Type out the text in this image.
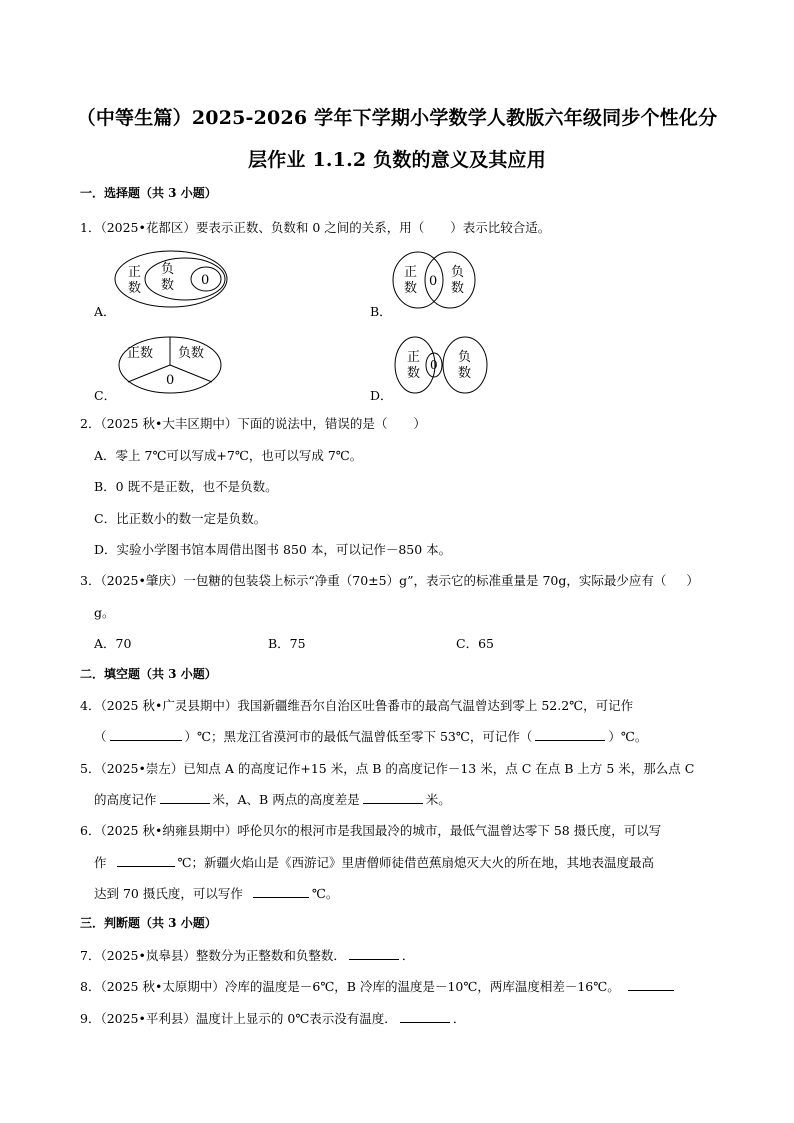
（中等生篇）2025-2026 学年下学期小学数学人教版六年级同步个性化分
层作业 1.1.2 负数的意义及其应用
一．选择题（共 3 小题）
1．（2025•花都区）要表示正数、负数和 0 之间的关系，用（ ）表示比较合适。
正
数
负
数 0
A．
正
数 0
负
数
B．
正数 负数
0
C．
正
数
0 负
数
D．
2．（2025 秋•大丰区期中）下面的说法中，错误的是（ ）
A．零上 7℃可以写成+7℃，也可以写成 7℃。
B．0 既不是正数，也不是负数。
C．比正数小的数一定是负数。
D．实验小学图书馆本周借出图书 850 本，可以记作－850 本。
3．（2025•肇庆）一包糖的包装袋上标示“净重（70±5）g”，表示它的标准重量是 70g，实际最少应有（ ）
g。
A．70	B．75	C．65
二．填空题（共 3 小题）
4．（2025 秋•广灵县期中）我国新疆维吾尔自治区吐鲁番市的最高气温曾达到零上 52.2℃，可记作
（	）℃；黑龙江省漠河市的最低气温曾低至零下 53℃，可记作（	）℃。
5．（2025•崇左）已知点 A 的高度记作+15 米，点 B 的高度记作－13 米，点 C 在点 B 上方 5 米，那么点 C
的高度记作	米，A、B 两点的高度差是	米。
6．（2025 秋•纳雍县期中）呼伦贝尔的根河市是我国最冷的城市，最低气温曾达零下 58 摄氏度，可以写
作	℃；新疆火焰山是《西游记》里唐僧师徒借芭蕉扇熄灭大火的所在地，其地表温度最高
达到 70 摄氏度，可以写作	℃。
三．判断题（共 3 小题）
7．（2025•岚皋县）整数分为正整数和负整数．	．
8．（2025 秋•太原期中）冷库的温度是－6℃，B 冷库的温度是－10℃，两库温度相差－16℃。
9．（2025•平利县）温度计上显示的 0℃表示没有温度．	．
